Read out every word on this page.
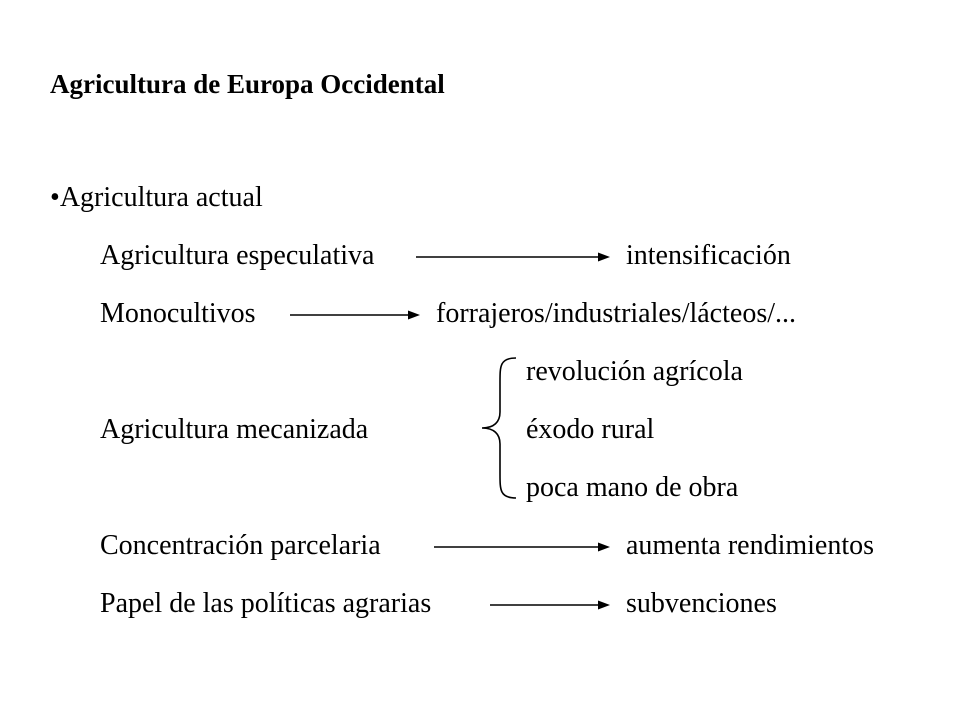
Agricultura de Europa Occidental
•Agricultura actual
Agricultura especulativa	intensificación
Monocultivos	forrajeros/industriales/lácteos/...
revolución agrícola
Agricultura mecanizada	éxodo rural
poca mano de obra
Concentración parcelaria	aumenta rendimientos
Papel de las políticas agrarias	subvenciones
